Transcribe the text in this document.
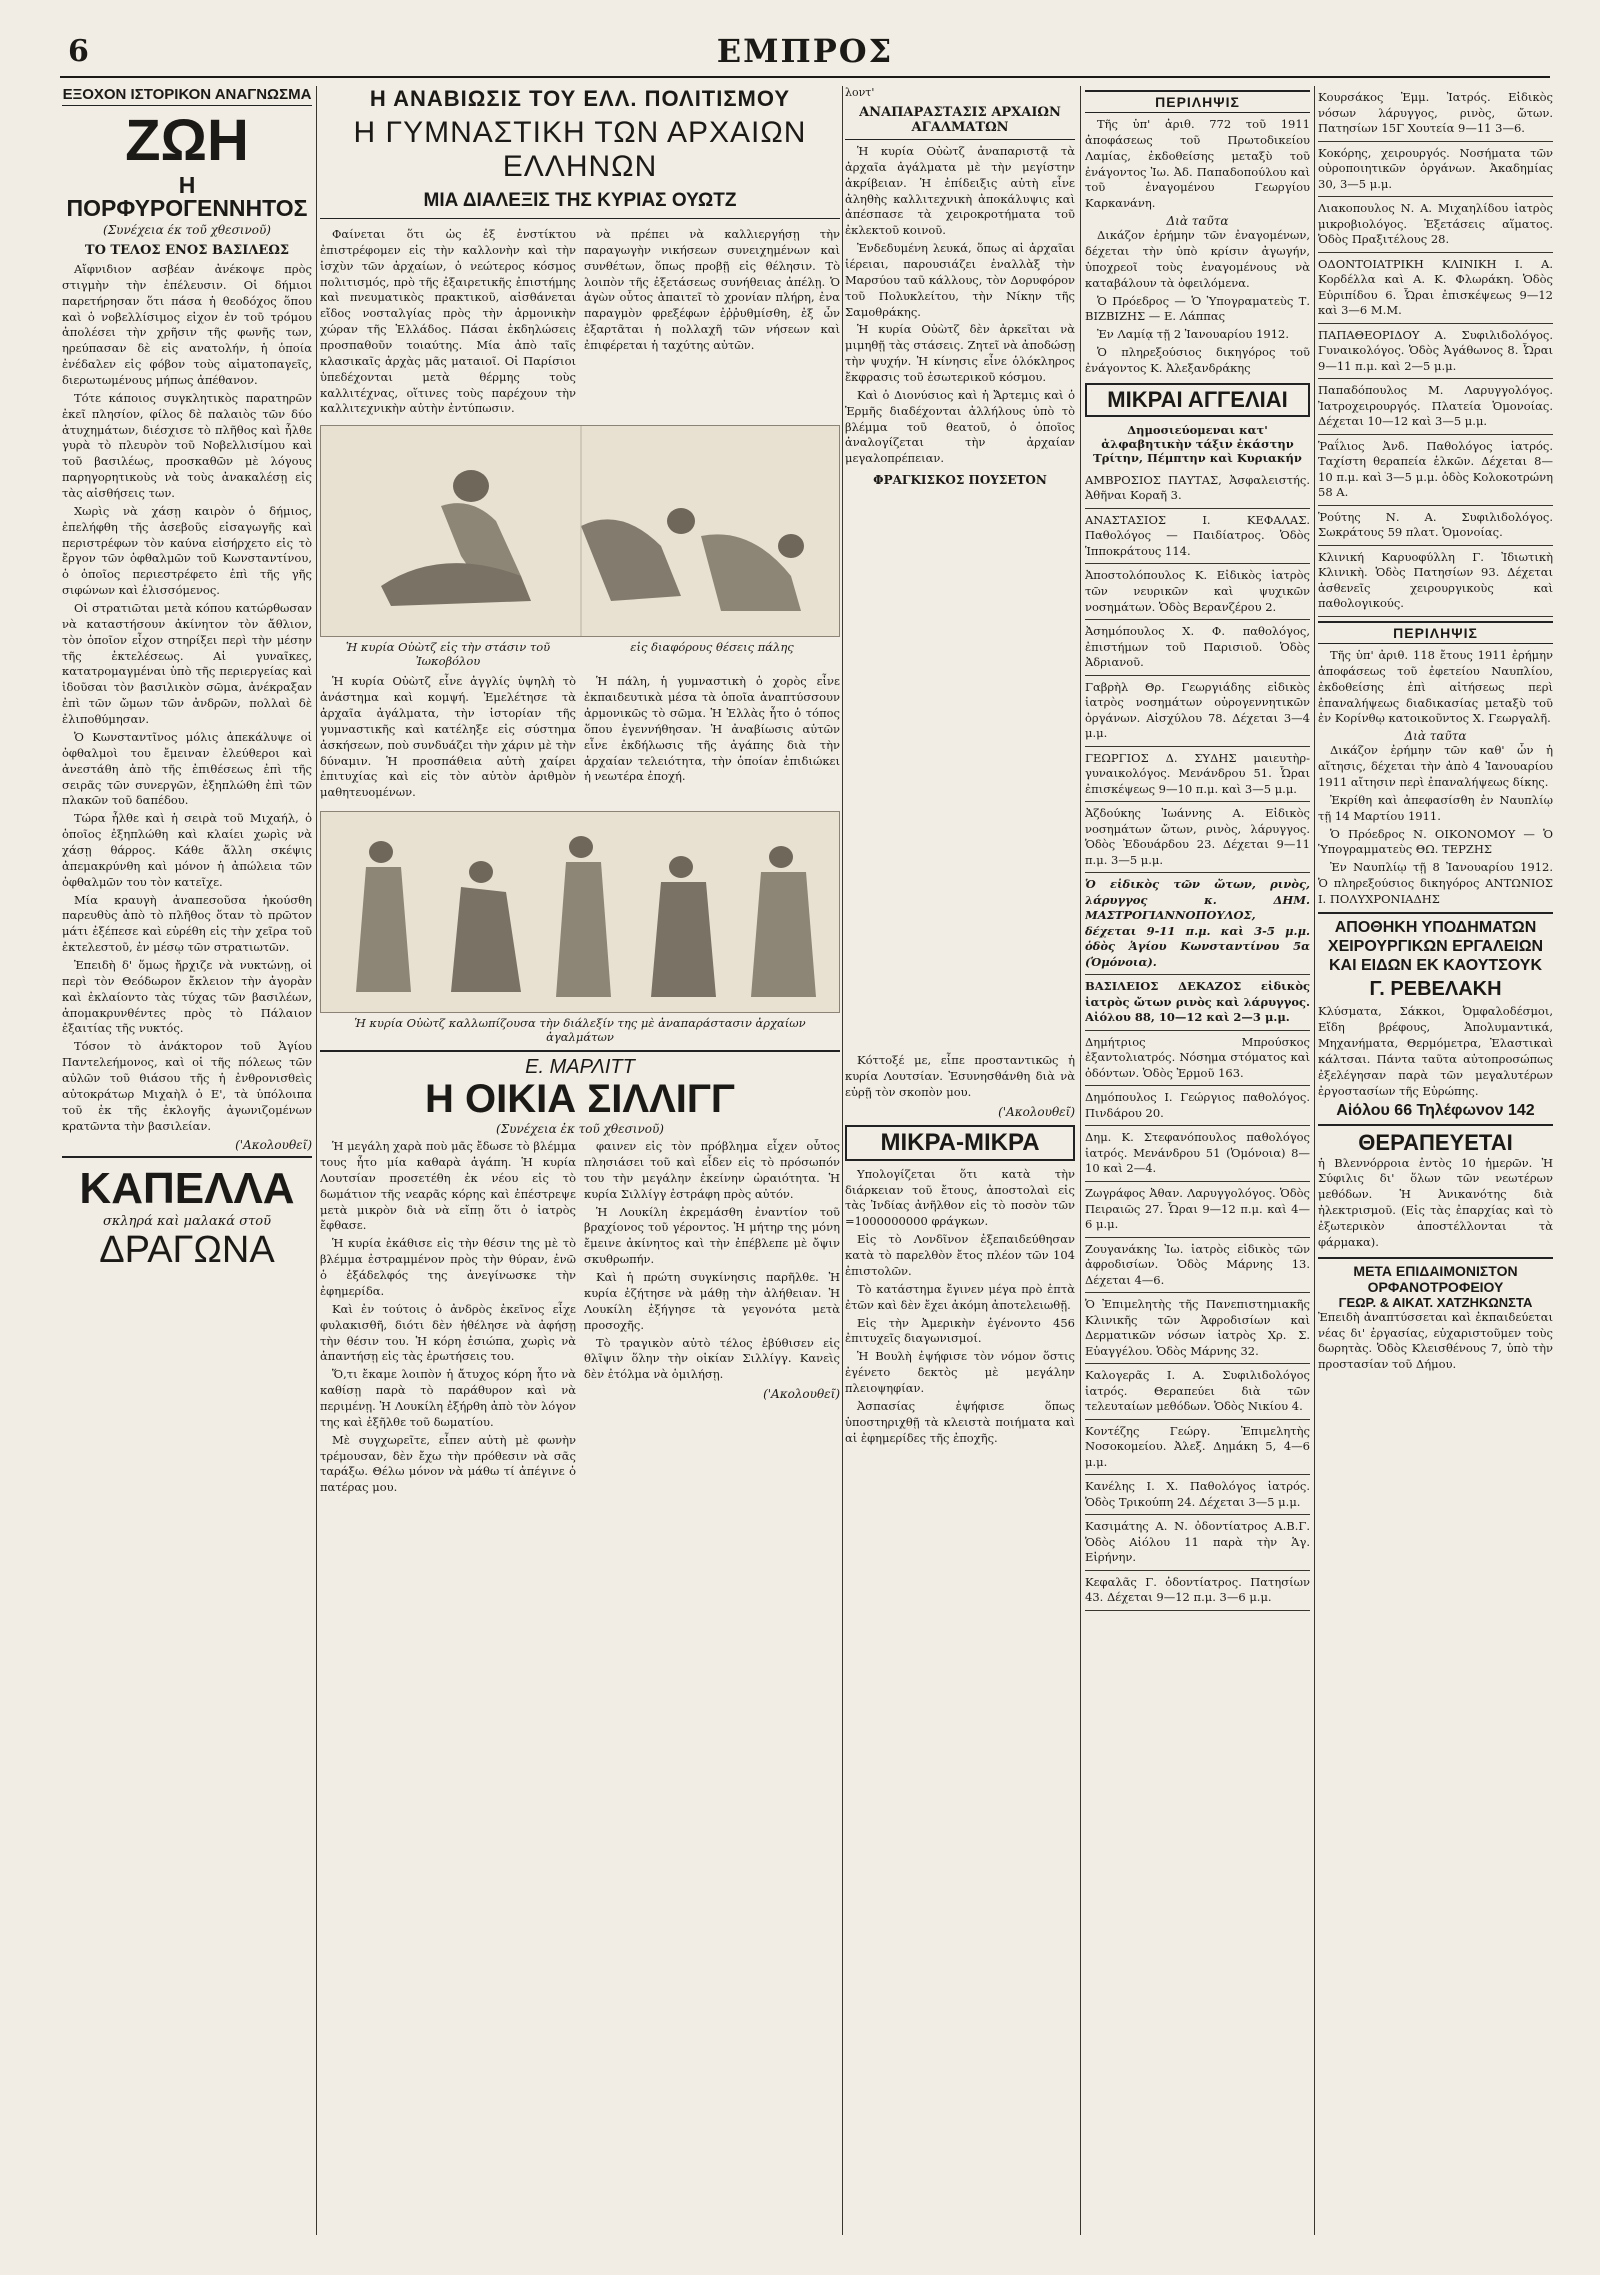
6	ΕΜΠΡΟΣ
ΕΞΟΧΟΝ ΙΣΤΟΡΙΚΟΝ ΑΝΑΓΝΩΣΜΑ
ΖΩΗ
Η ΠΟΡΦΥΡΟΓΕΝΝΗΤΟΣ
(Συνέχεια έκ τοῦ χθεσινοῦ)
ΤΟ ΤΕΛΟΣ ΕΝΟΣ ΒΑΣΙΛΕΩΣ

Αἴφνιδιον ασβέαν ἀνέκοψε πρὸς στιγμὴν τὴν ἐπέλευσιν. Οἱ δήμιοι παρετήρησαν ὅτι πάσα ἡ θεοδόχος ὅπου καὶ ὁ νοβελλίσιμος εἰχον ἐν τοῦ τρόμου ἀπολέσει τὴν χρῆσιν τῆς φωνῆς των, ηρεύπασαν δὲ εἰς ανατολήν, ἡ ὁποία ἐνέδαλεν εἰς φόβον τοὺς αἱματοπαγεῖς, διερωτωμένους μήπως ἀπέθανον.

Τότε κάποιος συγκλητικὸς παρατηρῶν ἐκεῖ πλησίον, φίλος δὲ παλαιὸς τῶν δύο ἀτυχημάτων, διέσχισε τὸ πλῆθος καὶ ἦλθε γυρὰ τὸ πλευρὸν τοῦ Νοβελλισίμου καὶ τοῦ βασιλέως, προσκαθῶν μὲ λόγους παρηγορητικοὺς νὰ τοὺς ἀνακαλέσῃ εἰς τὰς αἰσθήσεις των.

Χωρὶς νὰ χάσῃ καιρὸν ὁ δήμιος, ἐπελήφθη τῆς ἀσεβοῦς εἰσαγωγῆς καὶ περιστρέφων τὸν καύνα εἰσήρχετο εἰς τὸ ἔργον τῶν ὀφθαλμῶν τοῦ Κωνσταντίνου, ὁ ὁποῖος περιεστρέφετο ἐπὶ τῆς γῆς σιφώνων καὶ ἑλισσόμενος.

Οἱ στρατιῶται μετὰ κόπου κατώρθωσαν νὰ καταστήσουν ἀκίνητον τὸν ἄθλιον, τὸν ὁποῖον εἶχον στηρίξει περὶ τὴν μέσην τῆς ἐκτελέσεως. Αἱ γυναῖκες, κατατρομαγμέναι ὑπὸ τῆς περιεργείας καὶ ἰδοῦσαι τὸν βασιλικὸν σῶμα, ἀνέκραξαν ἐπὶ τῶν ὤμων τῶν ἀνδρῶν, πολλαὶ δὲ ἐλιποθύμησαν.

Ὁ Κωνσταντῖνος μόλις ἀπεκάλυψε οἱ ὀφθαλμοὶ του ἔμειναν ἐλεύθεροι καὶ ἀνεστάθη ἀπὸ τῆς ἐπιθέσεως ἐπὶ τῆς σειρᾶς τῶν συνεργῶν, ἐξηπλώθη ἐπὶ τῶν πλακῶν τοῦ δαπέδου.

Τώρα ἦλθε καὶ ἡ σειρὰ τοῦ Μιχαήλ, ὁ ὁποῖος ἐξηπλώθη καὶ κλαίει χωρὶς νὰ χάσῃ θάρρος. Κάθε ἄλλη σκέψις ἀπεμακρύνθη καὶ μόνον ἡ ἀπώλεια τῶν ὀφθαλμῶν του τὸν κατεῖχε.

Μία κραυγὴ ἀναπεσοῦσα ἠκούσθη παρευθὺς ἀπὸ τὸ πλῆθος ὅταν τὸ πρῶτον μάτι ἐξέπεσε καὶ εὑρέθη εἰς τὴν χεῖρα τοῦ ἐκτελεστοῦ, ἐν μέσῳ τῶν στρατιωτῶν.

Ἐπειδὴ δ' ὅμως ἤρχιζε νὰ νυκτώνῃ, οἱ περὶ τὸν Θεόδωρον ἔκλειον τὴν ἀγορὰν καὶ ἐκλαίοντο τὰς τύχας τῶν βασιλέων, ἀπομακρυνθέντες πρὸς τὸ Πάλαιον ἐξαιτίας τῆς νυκτός.

Τόσον τὸ ἀνάκτορον τοῦ Ἁγίου Παντελεήμονος, καὶ οἱ τῆς πόλεως τῶν αὐλῶν τοῦ θιάσου τῆς ἡ ἐνθρονισθεὶς αὐτοκράτωρ Μιχαὴλ ὁ Ε', τὰ ὑπόλοιπα τοῦ ἐκ τῆς ἐκλογῆς ἀγωνιζομένων κρατῶντα τὴν βασιλείαν.

('Ακολουθεῖ)
ΚΑΠΕΛΛΑ
σκληρά καὶ μαλακά στοῦ
ΔΡΑΓΩΝΑ
Η ΑΝΑΒΙΩΣΙΣ ΤΟΥ ΕΛΛ. ΠΟΛΙΤΙΣΜΟΥ
Η ΓΥΜΝΑΣΤΙΚΗ ΤΩΝ ΑΡΧΑΙΩΝ ΕΛΛΗΝΩΝ
ΜΙΑ ΔΙΑΛΕΞΙΣ ΤΗΣ ΚΥΡΙΑΣ ΟΥΩΤΖ

Φαίνεται ὅτι ὡς ἐξ ἐνστίκτου ἐπιστρέφομεν εἰς τὴν καλλονὴν καὶ τὴν ἰσχὺν τῶν ἀρχαίων, ὁ νεώτερος κόσμος πολιτισμός, πρὸ τῆς ἐξαιρετικῆς ἐπιστήμης καὶ πνευματικὸς πρακτικοῦ, αἰσθάνεται εἴδος νοσταλγίας πρὸς τὴν ἁρμονικὴν χώραν τῆς Ἑλλάδος. Πάσαι ἐκδηλώσεις προσπαθοῦν τοιαύτης. Μία ἀπὸ ταῖς κλασικαῖς ἀρχὰς μᾶς ματαιοῖ. Οἱ Παρίσιοι ὑπεδέχονται μετὰ θέρμης τοὺς καλλιτέχνας, οἵτινες τοὺς παρέχουν τὴν καλλιτεχνικὴν αὐτὴν ἐντύπωσιν.

νὰ πρέπει νὰ καλλιεργήσῃ τὴν παραγωγὴν νικήσεων συνειχημένων καὶ συνθέτων, ὅπως προβῇ εἰς θέλησιν. Τὸ λοιπὸν τῆς ἐξετάσεως συνήθειας ἀπέλῃ. Ὁ ἀγὼν οὗτος ἀπαιτεῖ τὸ χρονίαν πλήρη, ἐνα παραγμὸν φρεξέφων ἐῤῥυθμίσθη, ἐξ ὧν ἐξαρτᾶται ἡ πολλαχῆ τῶν νήσεων καὶ ἐπιφέρεται ἡ ταχύτης αὐτῶν.

Ἡ κυρία Οὐὼτζ εἰς τὴν στάσιν τοῦ Ἰωκοβόλου
εἰς διαφόρους θέσεις πάλης

Ἡ κυρία Οὐὼτζ εἶνε ἀγγλίς ὑψηλὴ τὸ ἀνάστημα καὶ κομψή. Ἐμελέτησε τὰ ἀρχαῖα ἀγάλματα, τὴν ἱστορίαν τῆς γυμναστικῆς καὶ κατέληξε εἰς σύστημα ἀσκήσεων, ποὺ συνδυάζει τὴν χάριν μὲ τὴν δύναμιν. Ἡ προσπάθεια αὐτὴ χαίρει ἐπιτυχίας καὶ εἰς τὸν αὐτὸν ἀριθμὸν μαθητευομένων.

Ἡ πάλη, ἡ γυμναστικὴ ὁ χορὸς εἶνε ἐκπαιδευτικὰ μέσα τὰ ὁποῖα ἀναπτύσσουν ἀρμονικῶς τὸ σῶμα. Ἡ Ἑλλὰς ἦτο ὁ τόπος ὅπου ἐγεννήθησαν. Ἡ ἀναβίωσις αὐτῶν εἶνε ἐκδήλωσις τῆς ἀγάπης διὰ τὴν ἀρχαίαν τελειότητα, τὴν ὁποίαν ἐπιδιώκει ἡ νεωτέρα ἐποχή.

Ἡ κυρία Οὐὼτζ καλλωπίζουσα τὴν διάλεξίν της μὲ ἀναπαράστασιν ἀρχαίων ἀγαλμάτων
Ε. ΜΑΡΛΙΤΤ
Η ΟΙΚΙΑ ΣΙΛΛΙΓΓ
(Συνέχεια ἐκ τοῦ χθεσινοῦ)

Ἡ μεγάλη χαρὰ ποὺ μᾶς ἔδωσε τὸ βλέμμα τους ἦτο μία καθαρὰ ἀγάπη. Ἡ κυρία Λουτσίαν προσετέθη ἐκ νέου εἰς τὸ δωμάτιον τῆς νεαρᾶς κόρης καὶ ἐπέστρεψε μετὰ μικρὸν διὰ νὰ εἴπῃ ὅτι ὁ ἰατρὸς ἔφθασε.

Ἡ κυρία ἐκάθισε εἰς τὴν θέσιν της μὲ τὸ βλέμμα ἐστραμμένον πρὸς τὴν θύραν, ἐνῶ ὁ ἐξάδελφός της ἀνεγίνωσκε τὴν ἐφημερίδα.

Καὶ ἐν τούτοις ὁ ἀνδρὸς ἐκεῖνος εἶχε φυλακισθῆ, διότι δὲν ἠθέλησε νὰ ἀφήσῃ τὴν θέσιν του. Ἡ κόρη ἐσιώπα, χωρὶς νὰ ἀπαντήσῃ εἰς τὰς ἐρωτήσεις του.

Ὅ,τι ἔκαμε λοιπὸν ἡ ἄτυχος κόρη ἦτο νὰ καθίσῃ παρὰ τὸ παράθυρον καὶ νὰ περιμένῃ. Ἡ Λουκίλη ἐξήρθη ἀπὸ τὸν λόγον της καὶ ἐξῆλθε τοῦ δωματίου.

Μὲ συγχωρεῖτε, εἶπεν αὐτὴ μὲ φωνὴν τρέμουσαν, δὲν ἔχω τὴν πρόθεσιν νὰ σᾶς ταράξω. Θέλω μόνον νὰ μάθω τί ἀπέγινε ὁ πατέρας μου.

φαινεν εἰς τὸν πρόβλημα εἶχεν οὗτος πλησιάσει τοῦ καὶ εἶδεν εἰς τὸ πρόσωπόν του τὴν μεγάλην ἐκείνην ὡραιότητα. Ἡ κυρία Σιλλίγγ ἐστράφη πρὸς αὐτόν.

Ἡ Λουκίλη ἐκρεμάσθη ἐναντίον τοῦ βραχίονος τοῦ γέροντος. Ἡ μήτηρ της μόνη ἔμεινε ἀκίνητος καὶ τὴν ἐπέβλεπε μὲ ὄψιν σκυθρωπήν.

Καὶ ἡ πρώτη συγκίνησις παρῆλθε. Ἡ κυρία ἐζήτησε νὰ μάθῃ τὴν ἀλήθειαν. Ἡ Λουκίλη ἐξήγησε τὰ γεγονότα μετὰ προσοχῆς.

Τὸ τραγικὸν αὐτὸ τέλος ἐβύθισεν εἰς θλῖψιν ὅλην τὴν οἰκίαν Σιλλίγγ. Κανεὶς δὲν ἐτόλμα νὰ ὁμιλήσῃ.

('Ακολουθεῖ)
λοντ'
ΑΝΑΠΑΡΑΣΤΑΣΙΣ ΑΡΧΑΙΩΝ ΑΓΑΛΜΑΤΩΝ

Ἡ κυρία Οὐὼτζ ἀναπαριστᾷ τὰ ἀρχαῖα ἀγάλματα μὲ τὴν μεγίστην ἀκρίβειαν. Ἡ ἐπίδειξις αὐτὴ εἶνε ἀληθὴς καλλιτεχνικὴ ἀποκάλυψις καὶ ἀπέσπασε τὰ χειροκροτήματα τοῦ ἐκλεκτοῦ κοινοῦ.

Ἐνδεδυμένη λευκά, ὅπως αἱ ἀρχαῖαι ἱέρειαι, παρουσιάζει ἐναλλὰξ τὴν Μαρσύου ταῦ κάλλους, τὸν Δορυφόρον τοῦ Πολυκλείτου, τὴν Νίκην τῆς Σαμοθράκης.

Ἡ κυρία Οὐὼτζ δὲν ἀρκεῖται νὰ μιμηθῇ τὰς στάσεις. Ζητεῖ νὰ ἀποδώσῃ τὴν ψυχήν. Ἡ κίνησις εἶνε ὁλόκληρος ἔκφρασις τοῦ ἐσωτερικοῦ κόσμου.

Καὶ ὁ Διονύσιος καὶ ἡ Ἄρτεμις καὶ ὁ Ἑρμῆς διαδέχονται ἀλλήλους ὑπὸ τὸ βλέμμα τοῦ θεατοῦ, ὁ ὁποῖος ἀναλογίζεται τὴν ἀρχαίαν μεγαλοπρέπειαν.

ΦΡΑΓΚΙΣΚΟΣ ΠΟΥΣΕΤΟΝ

Κόττοξέ με, εἶπε προσταντικῶς ἡ κυρία Λουτσίαν. Ἐσυνησθάνθη διὰ νὰ εὐρῇ τὸν σκοπὸν μου.

('Ακολουθεῖ)
ΜΙΚΡΑ-ΜΙΚΡΑ

Υπολογίζεται ὅτι κατὰ τὴν διάρκειαν τοῦ ἔτους, ἀποστολαὶ εἰς τὰς Ἰνδίας ἀνῆλθον εἰς τὸ ποσὸν τῶν =1000000000 φράγκων.

Εἰς τὸ Λονδῖνον ἐξεπαιδεύθησαν κατὰ τὸ παρελθὸν ἔτος πλέον τῶν 104 ἐπιστολῶν.

Τὸ κατάστημα ἔγινεν μέγα πρὸ ἑπτὰ ἐτῶν καὶ δὲν ἔχει ἀκόμη ἀποτελειωθῇ.

Εἰς τὴν Ἀμερικὴν ἐγένοντο 456 ἐπιτυχεῖς διαγωνισμοί.

Ἡ Βουλὴ ἐψήφισε τὸν νόμον ὅστις ἐγένετο δεκτὸς μὲ μεγάλην πλειοψηφίαν.

Ἀσπασίας ἐψήφισε ὅπως ὑποστηριχθῇ τὰ κλειστὰ ποιήματα καὶ αἱ ἐφημερίδες τῆς ἐποχῆς.

ΠΕΡΙΛΗΨΙΣ

Τῆς ὑπ' ἀριθ. 772 τοῦ 1911 ἀποφάσεως τοῦ Πρωτοδικείου Λαμίας, ἐκδοθείσης μεταξὺ τοῦ ἐνάγοντος Ἰω. Ἀδ. Παπαδοπούλου καὶ τοῦ ἐναγομένου Γεωργίου Καρκανάνη.

Διὰ ταῦτα

Δικάζον ἐρήμην τῶν ἐναγομένων, δέχεται τὴν ὑπὸ κρίσιν ἀγωγήν, ὑποχρεοῖ τοὺς ἐναγομένους νὰ καταβάλουν τὰ ὀφειλόμενα.

Ὁ Πρόεδρος — Ὁ Ὑπογραματεὺς Τ. ΒΙΖΒΙΖΗΣ — Ε. Λάππας

Ἐν Λαμίᾳ τῇ 2 Ἰανουαρίου 1912.

Ὁ πληρεξούσιος δικηγόρος τοῦ ἐνάγοντος Κ. Ἀλεξανδράκης

ΜΙΚΡΑΙ ΑΓΓΕΛΙΑΙ
Δημοσιεύομεναι κατ' ἀλφαβητικὴν τάξιν ἑκάστην Τρίτην, Πέμπτην καὶ Κυριακήν
ΑΜΒΡΟΣΙΟΣ ΠΑΥΤΑΣ, Ἀσφαλειστής. Ἀθῆναι Κοραῆ 3.
ΑΝΑΣΤΑΣΙΟΣ Ι. ΚΕΦΑΛΑΣ. Παθολόγος — Παιδίατρος. Ὁδὸς Ἱπποκράτους 114.
Ἀποστολόπουλος Κ. Εἰδικὸς ἰατρὸς τῶν νευρικῶν καὶ ψυχικῶν νοσημάτων. Ὁδὸς Βερανζέρου 2.
Ἀσημόπουλος Χ. Φ. παθολόγος, ἐπιστήμων τοῦ Παρισιοῦ. Ὁδὸς Ἀδριανοῦ.
Γαβρὴλ Θρ. Γεωργιάδης εἰδικὸς ἰατρὸς νοσημάτων οὐρογεννητικῶν ὀργάνων. Αἰσχύλου 78. Δέχεται 3—4 μ.μ.
ΓΕΩΡΓΙΟΣ Δ. ΣΥΔΗΣ μαιευτὴρ-γυναικολόγος. Μενάνδρου 51. Ὧραι ἐπισκέψεως 9—10 π.μ. καὶ 3—5 μ.μ.
Ἀζδούκης Ἰωάννης Α. Εἰδικὸς νοσημάτων ὤτων, ρινὸς, λάρυγγος. Ὁδὸς Ἐδουάρδου 23. Δέχεται 9—11 π.μ. 3—5 μ.μ.
Ὁ εἰδικὸς τῶν ὤτων, ρινὸς, λάρυγγος κ. ΔΗΜ. ΜΑΣΤΡΟΓΙΑΝΝΟΠΟΥΛΟΣ, δέχεται 9-11 π.μ. καὶ 3-5 μ.μ. ὁδὸς Ἁγίου Κωνσταντίνου 5α (Ὁμόνοια).
ΒΑΣΙΛΕΙΟΣ ΔΕΚΑΖΟΣ εἰδικὸς ἰατρὸς ὤτων ρινὸς καὶ λάρυγγος. Αἰόλου 88, 10—12 καὶ 2—3 μ.μ.
Δημήτριος Μπρούσκος ἐξαντολιατρός. Νόσημα στόματος καὶ ὀδόντων. Ὁδὸς Ἑρμοῦ 163.
Δημόπουλος Ι. Γεώργιος παθολόγος. Πινδάρου 20.
Δημ. Κ. Στεφανόπουλος παθολόγος ἰατρός. Μενάνδρου 51 (Ὁμόνοια) 8—10 καὶ 2—4.
Ζωγράφος Ἀθαν. Λαρυγγολόγος. Ὁδὸς Πειραιῶς 27. Ὧραι 9—12 π.μ. καὶ 4—6 μ.μ.
Ζουγανάκης Ἰω. ἰατρὸς εἰδικὸς τῶν ἀφροδισίων. Ὁδὸς Μάρνης 13. Δέχεται 4—6.
Ὁ Ἐπιμελητὴς τῆς Πανεπιστημιακῆς Κλινικῆς τῶν Ἀφροδισίων καὶ Δερματικῶν νόσων ἰατρὸς Χρ. Σ. Εὐαγγέλου. Ὁδὸς Μάρνης 32.
Καλογερᾶς Ι. Α. Συφιλιδολόγος ἰατρός. Θεραπεύει διὰ τῶν τελευταίων μεθόδων. Ὁδὸς Νικίου 4.
Κοντέζης Γεώργ. Ἐπιμελητὴς Νοσοκομείου. Ἀλεξ. Δημάκη 5, 4—6 μ.μ.
Κανέλης Ι. Χ. Παθολόγος ἰατρός. Ὁδὸς Τρικούπη 24. Δέχεται 3—5 μ.μ.
Κασιμάτης Α. Ν. ὀδοντίατρος Α.Β.Γ. Ὁδὸς Αἰόλου 11 παρὰ τὴν Ἁγ. Εἰρήνην.
Κεφαλᾶς Γ. ὀδοντίατρος. Πατησίων 43. Δέχεται 9—12 π.μ. 3—6 μ.μ.
Κουρσάκος Ἐμμ. Ἰατρός. Εἰδικὸς νόσων λάρυγγος, ρινὸς, ὤτων. Πατησίων 15Γ Χουτεία 9—11 3—6.
Κοκόρης, χειρουργός. Νοσήματα τῶν οὐροποιητικῶν ὀργάνων. Ἀκαδημίας 30, 3—5 μ.μ.
Λιακοπουλος Ν. Α. Μιχαηλίδου ἰατρὸς μικροβιολόγος. Ἐξετάσεις αἵματος. Ὁδὸς Πραξιτέλους 28.
ΟΔΟΝΤΟΙΑΤΡΙΚΗ ΚΛΙΝΙΚΗ Ι. Α. Κορδέλλα καὶ Α. Κ. Φλωράκη. Ὁδὸς Εὐριπίδου 6. Ὧραι ἐπισκέψεως 9—12 καὶ 3—6 Μ.Μ.
ΠΑΠΑΘΕΟΡΙΔΟΥ Α. Συφιλιδολόγος. Γυναικολόγος. Ὁδὸς Ἀγάθωνος 8. Ὧραι 9—11 π.μ. καὶ 2—5 μ.μ.
Παπαδόπουλος Μ. Λαρυγγολόγος. Ἰατροχειρουργός. Πλατεία Ὁμονοίας. Δέχεται 10—12 καὶ 3—5 μ.μ.
Ῥαΐλιος Ἀνδ. Παθολόγος ἰατρός. Ταχίστη θεραπεία ἑλκῶν. Δέχεται 8—10 π.μ. καὶ 3—5 μ.μ. ὁδὸς Κολοκοτρώνη 58 Α.
Ῥούτης Ν. Α. Συφιλιδολόγος. Σωκράτους 59 πλατ. Ὁμονοίας.
Κλινική Καρυοφύλλη Γ. Ἰδιωτικὴ Κλινικὴ. Ὁδὸς Πατησίων 93. Δέχεται ἀσθενεῖς χειρουργικοὺς καὶ παθολογικούς.
ΠΕΡΙΛΗΨΙΣ

Τῆς ὑπ' ἀριθ. 118 ἔτους 1911 ἐρήμην ἀποφάσεως τοῦ ἐφετείου Ναυπλίου, ἐκδοθείσης ἐπὶ αἰτήσεως περὶ ἐπαναλήψεως διαδικασίας μεταξὺ τοῦ ἐν Κορίνθῳ κατοικοῦντος Χ. Γεωργαλῆ.

Διὰ ταῦτα

Δικάζον ἐρήμην τῶν καθ' ὧν ἡ αἴτησις, δέχεται τὴν ἀπὸ 4 Ἰανουαρίου 1911 αἴτησιν περὶ ἐπαναλήψεως δίκης.

Ἐκρίθη καὶ ἀπεφασίσθη ἐν Ναυπλίῳ τῇ 14 Μαρτίου 1911.

Ὁ Πρόεδρος Ν. ΟΙΚΟΝΟΜΟΥ — Ὁ Ὑπογραμματεὺς ΘΩ. ΤΕΡΖΗΣ

Ἐν Ναυπλίῳ τῇ 8 Ἰανουαρίου 1912. Ὁ πληρεξούσιος δικηγόρος ΑΝΤΩΝΙΟΣ Ι. ΠΟΛΥΧΡΟΝΙΑΔΗΣ

ΑΠΟΘΗΚΗ ΥΠΟΔΗΜΑΤΩΝ ΧΕΙΡΟΥΡΓΙΚΩΝ ΕΡΓΑΛΕΙΩΝ ΚΑΙ ΕΙΔΩΝ ΕΚ ΚΑΟΥΤΣΟΥΚ
Γ. ΡΕΒΕΛΑΚΗ

Κλύσματα, Σάκκοι, Ὀμφαλοδέσμοι, Εἴδη βρέφους, Ἀπολυμαντικά, Μηχανήματα, Θερμόμετρα, Ἐλαστικαὶ κάλτσαι. Πάντα ταῦτα αὐτοπροσώπως ἐξελέγησαν παρὰ τῶν μεγαλυτέρων ἐργοστασίων τῆς Εὐρώπης.

Αἰόλου 66 Τηλέφωνον 142
ΘΕΡΑΠΕΥΕΤΑΙ

ἡ Βλεννόρροια ἐντὸς 10 ἡμερῶν. Ἡ Σύφιλις δι' ὅλων τῶν νεωτέρων μεθόδων. Ἡ Ἀνικανότης διὰ ἠλεκτρισμοῦ. (Εἰς τὰς ἐπαρχίας καὶ τὸ ἐξωτερικὸν ἀποστέλλονται τὰ φάρμακα).

ΜΕΤΑ ΕΠΙΔΑΙΜΟΝΙΣΤΟΝ ΟΡΦΑΝΟΤΡΟΦΕΙΟΥ
ΓΕΩΡ. & ΑΙΚΑΤ. ΧΑΤΖΗΚΩΝΣΤΑ

Ἐπειδὴ ἀναπτύσσεται καὶ ἐκπαιδεύεται νέας δι' ἐργασίας, εὐχαριστοῦμεν τοὺς δωρητὰς. Ὁδὸς Κλεισθένους 7, ὑπὸ τὴν προστασίαν τοῦ Δήμου.
